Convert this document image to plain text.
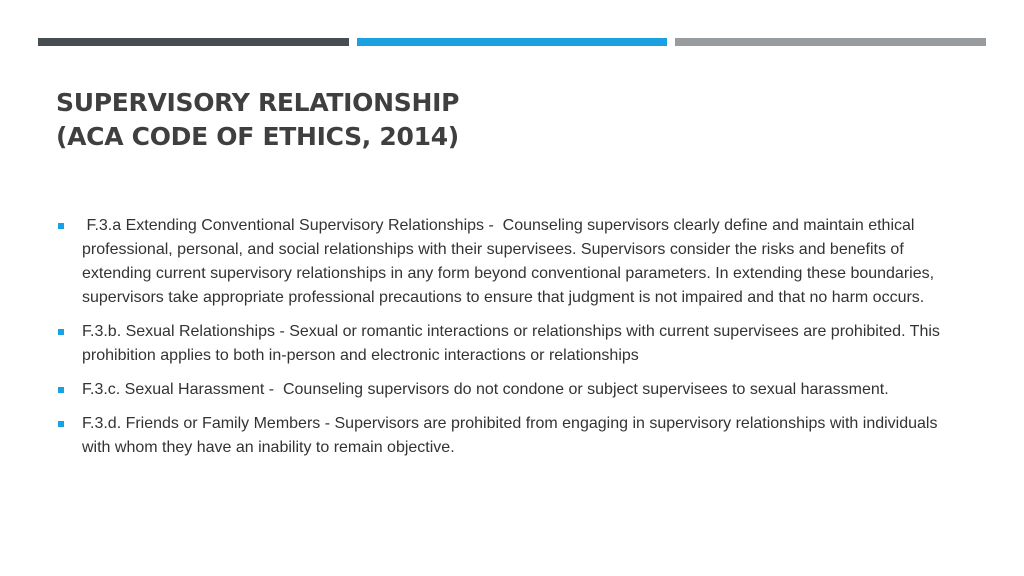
SUPERVISORY RELATIONSHIP
(ACA CODE OF ETHICS, 2014)
F.3.a Extending Conventional Supervisory Relationships -  Counseling supervisors clearly define and maintain ethical professional, personal, and social relationships with their supervisees. Supervisors consider the risks and benefits of extending current supervisory relationships in any form beyond conventional parameters. In extending these boundaries, supervisors take appropriate professional precautions to ensure that judgment is not impaired and that no harm occurs.
F.3.b. Sexual Relationships - Sexual or romantic interactions or relationships with current supervisees are prohibited. This prohibition applies to both in-person and electronic interactions or relationships
F.3.c. Sexual Harassment -  Counseling supervisors do not condone or subject supervisees to sexual harassment.
F.3.d. Friends or Family Members - Supervisors are prohibited from engaging in supervisory relationships with individuals with whom they have an inability to remain objective.
